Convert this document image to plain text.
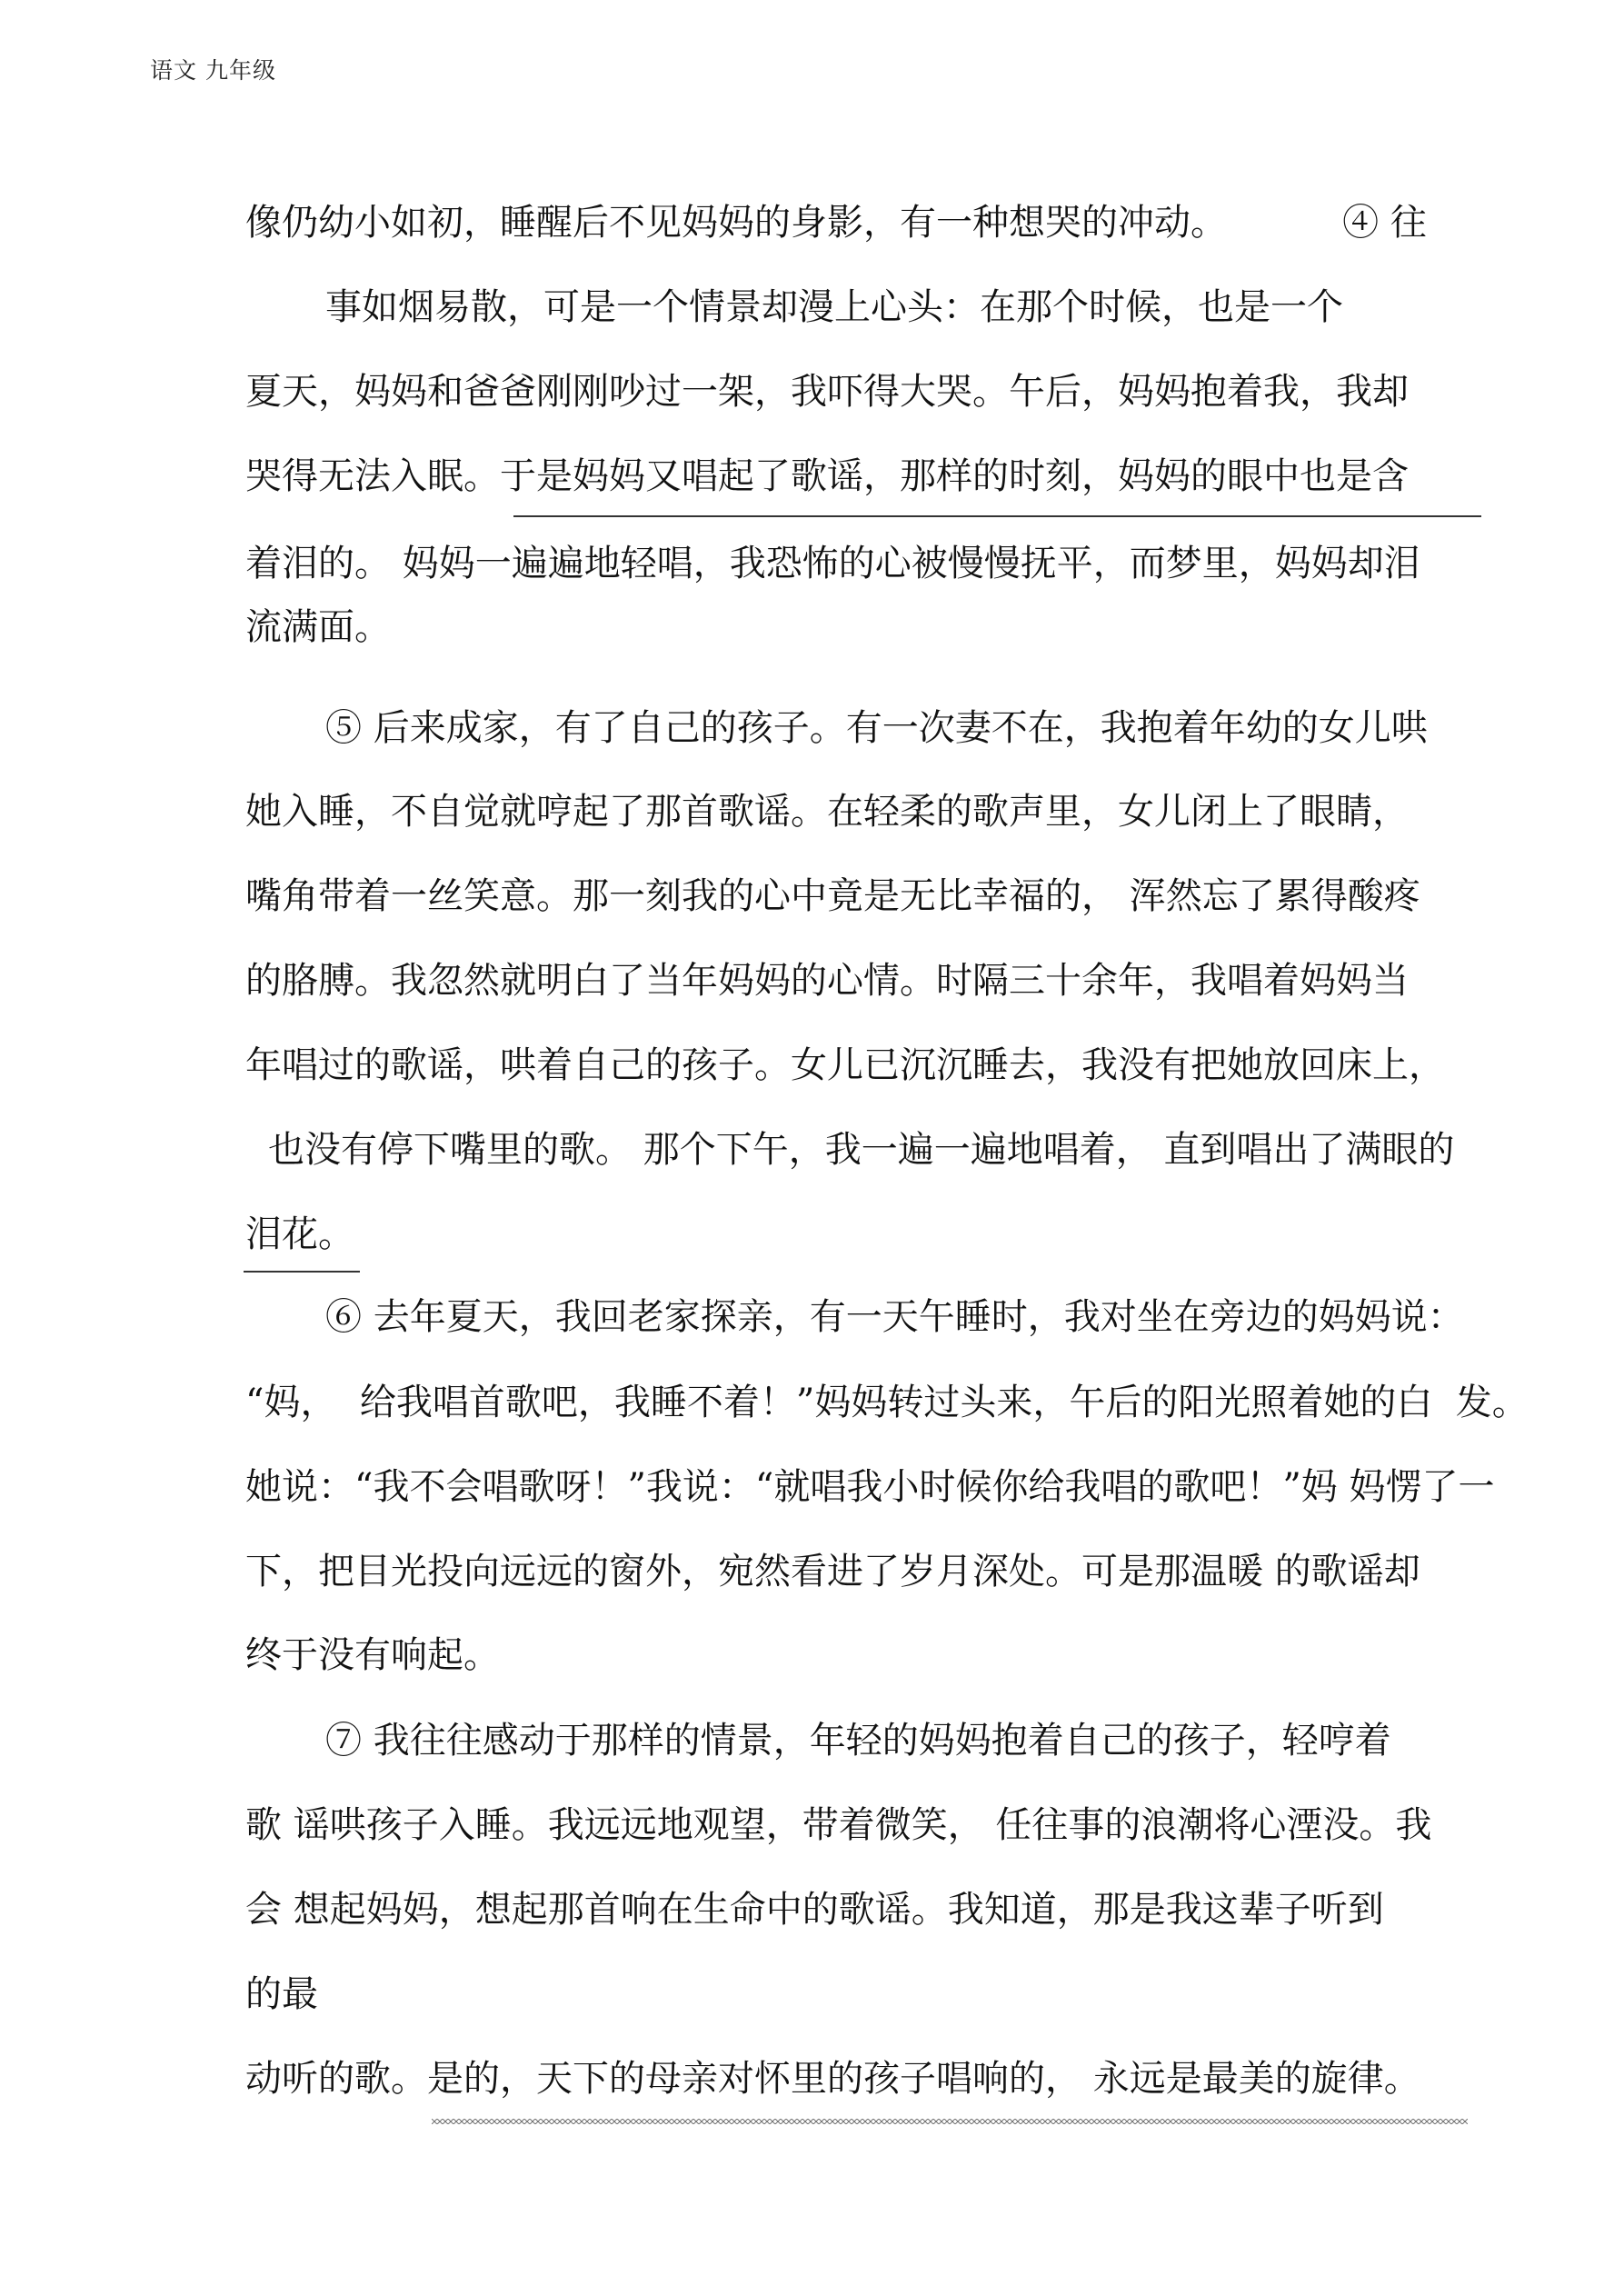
语文 九年级
像仍幼小如初，睡醒后不见妈妈的身影，有一种想哭的冲动。          ④ 往
事如烟易散，可是一个情景却漫上心头：在那个时候，也是一个
夏天，妈妈和爸爸刚刚吵过一架，我吓得大哭。午后，妈妈抱着我，我却
哭得无法入眠。于是妈妈又唱起了歌谣，那样的时刻，妈妈的眼中也是含
着泪的。 妈妈一遍遍地轻唱，我恐怖的心被慢慢抚平，而梦里，妈妈却泪
流满面。
⑤ 后来成家，有了自己的孩子。有一次妻不在，我抱着年幼的女儿哄
她入睡，不自觉就哼起了那首歌谣。在轻柔的歌声里，女儿闭上了眼睛，
嘴角带着一丝笑意。那一刻我的心中竟是无比幸福的， 浑然忘了累得酸疼
的胳膊。我忽然就明白了当年妈妈的心情。时隔三十余年，我唱着妈妈当
年唱过的歌谣，哄着自己的孩子。女儿已沉沉睡去，我没有把她放回床上，
也没有停下嘴里的歌。 那个下午，我一遍一遍地唱着， 直到唱出了满眼的
泪花。
⑥ 去年夏天，我回老家探亲，有一天午睡时，我对坐在旁边的妈妈说：
“妈，  给我唱首歌吧，我睡不着！”妈妈转过头来，午后的阳光照着她的白  发。
她说：“我不会唱歌呀！”我说：“就唱我小时候你给我唱的歌吧！”妈 妈愣了一
下，把目光投向远远的窗外，宛然看进了岁月深处。可是那温暖 的歌谣却
终于没有响起。
⑦ 我往往感动于那样的情景，年轻的妈妈抱着自己的孩子，轻哼着
歌 谣哄孩子入睡。我远远地观望，带着微笑， 任往事的浪潮将心湮没。我
会 想起妈妈，想起那首响在生命中的歌谣。我知道，那是我这辈子听到
的最
动听的歌。是的，天下的母亲对怀里的孩子唱响的， 永远是最美的旋律。
